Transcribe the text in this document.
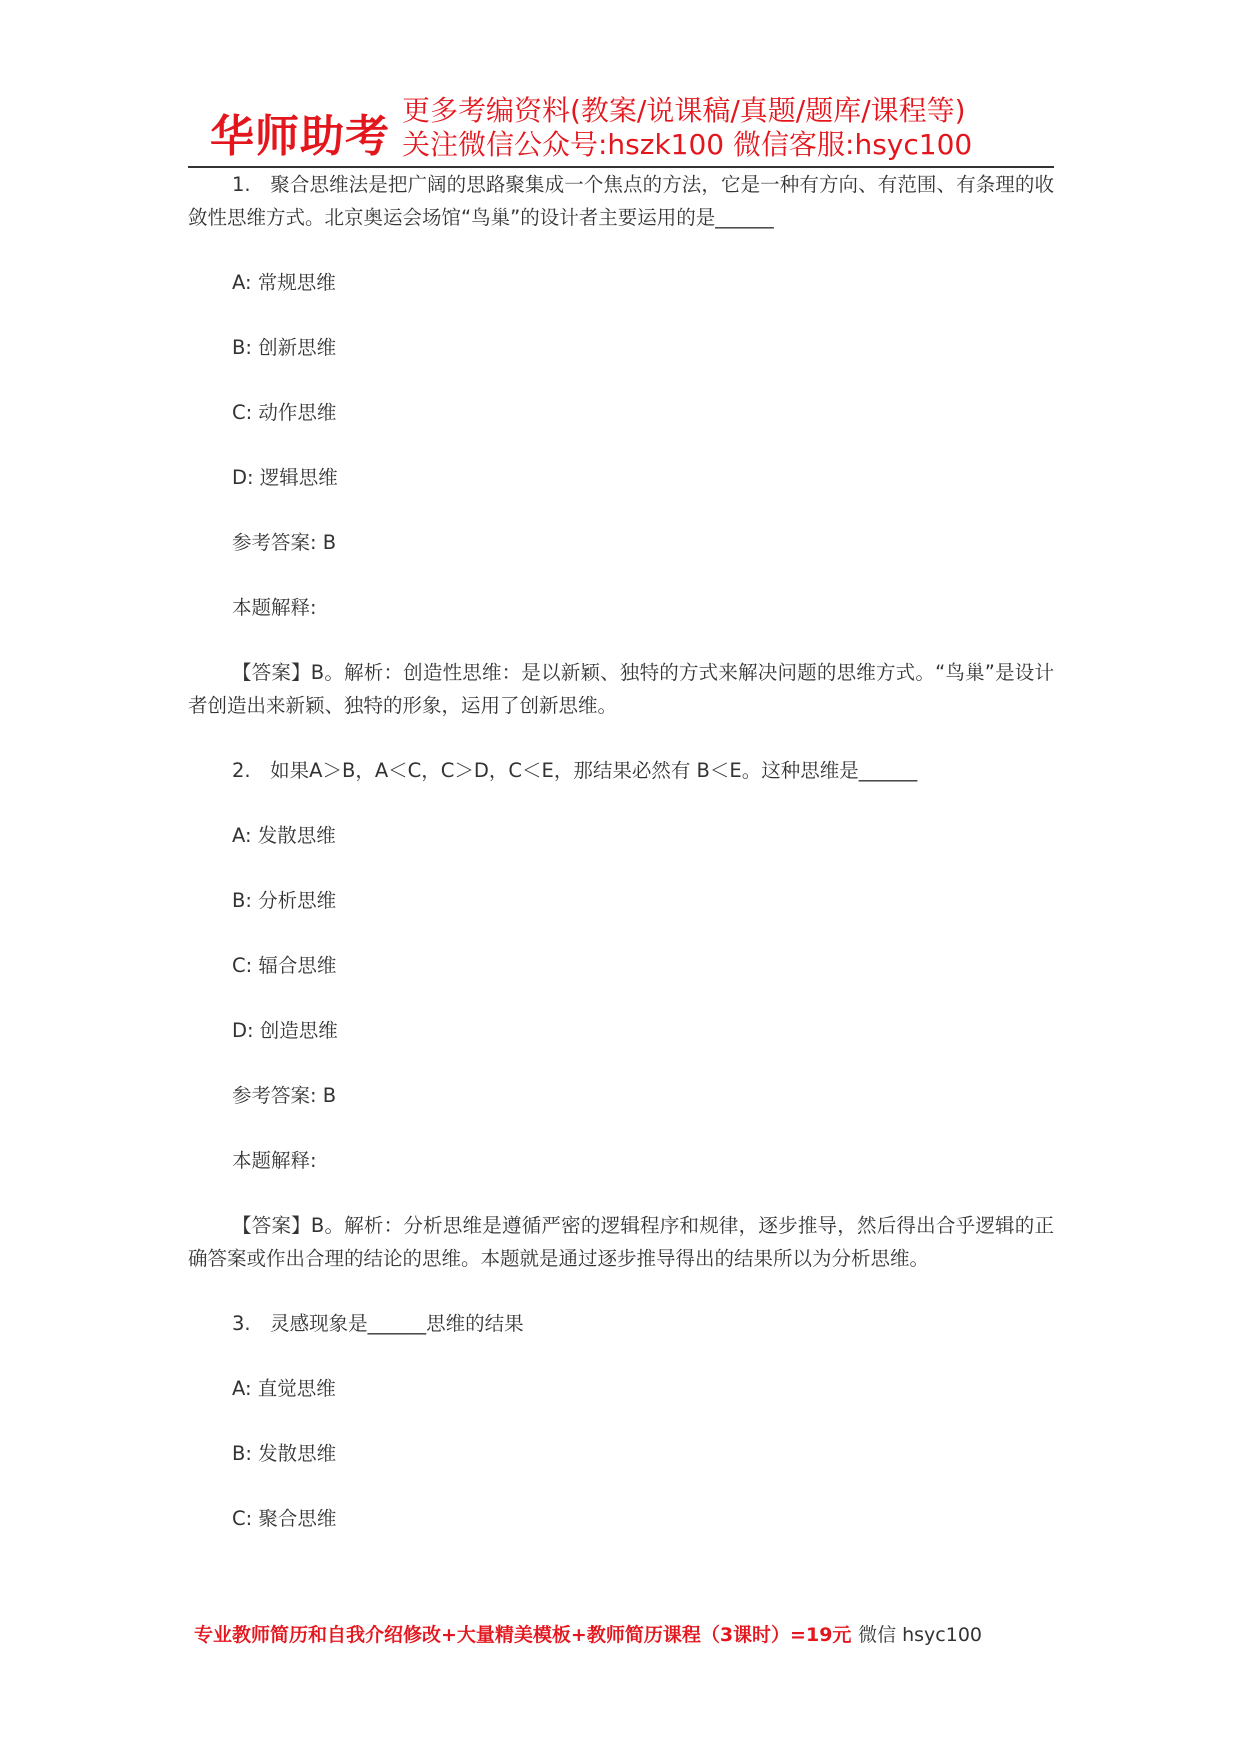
华师助考
更多考编资料(教案/说课稿/真题/题库/课程等)
关注微信公众号:hszk100 微信客服:hsyc100

1.　聚合思维法是把广阔的思路聚集成一个焦点的方法，它是一种有方向、有范围、有条理的收敛性思维方式。北京奥运会场馆“鸟巢”的设计者主要运用的是______

A: 常规思维

B: 创新思维

C: 动作思维

D: 逻辑思维

参考答案: B

本题解释:

【答案】B。解析：创造性思维：是以新颖、独特的方式来解决问题的思维方式。“鸟巢”是设计者创造出来新颖、独特的形象，运用了创新思维。

2.　如果A＞B，A＜C，C＞D，C＜E，那结果必然有 B＜E。这种思维是______

A: 发散思维

B: 分析思维

C: 辐合思维

D: 创造思维

参考答案: B

本题解释:

【答案】B。解析：分析思维是遵循严密的逻辑程序和规律，逐步推导，然后得出合乎逻辑的正确答案或作出合理的结论的思维。本题就是通过逐步推导得出的结果所以为分析思维。

3.　灵感现象是______思维的结果

A: 直觉思维

B: 发散思维

C: 聚合思维

专业教师简历和自我介绍修改+大量精美模板+教师简历课程（3课时）=19元 微信 hsyc100
